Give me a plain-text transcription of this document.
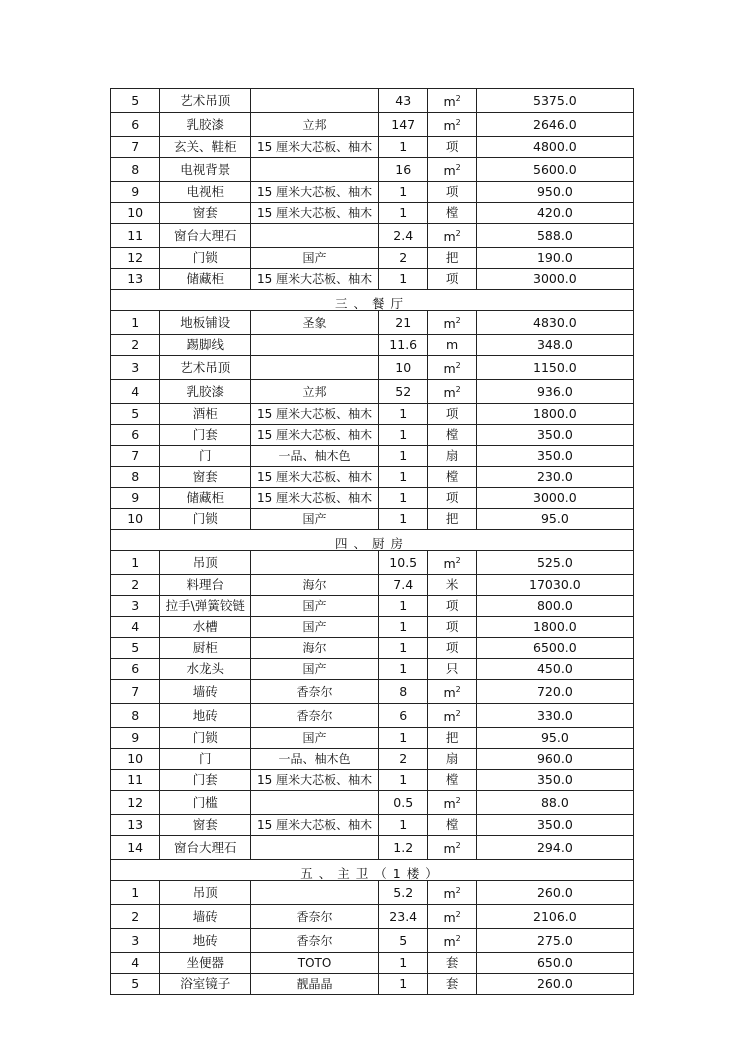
5	艺术吊顶		43	$m^2$	5375.0
6	乳胶漆	立邦	147	$m^2$	2646.0
7	玄关、鞋柜	15 厘米大芯板、柚木	1	项	4800.0
8	电视背景		16	$m^2$	5600.0
9	电视柜	15 厘米大芯板、柚木	1	项	950.0
10	窗套	15 厘米大芯板、柚木	1	樘	420.0
11	窗台大理石		2.4	$m^2$	588.0
12	门锁	国产	2	把	190.0
13	储藏柜	15 厘米大芯板、柚木	1	项	3000.0
三、餐厅					
1	地板铺设	圣象	21	$m^2$	4830.0
2	踢脚线		11.6	m	348.0
3	艺术吊顶		10	$m^2$	1150.0
4	乳胶漆	立邦	52	$m^2$	936.0
5	酒柜	15 厘米大芯板、柚木	1	项	1800.0
6	门套	15 厘米大芯板、柚木	1	樘	350.0
7	门	一品、柚木色	1	扇	350.0
8	窗套	15 厘米大芯板、柚木	1	樘	230.0
9	储藏柜	15 厘米大芯板、柚木	1	项	3000.0
10	门锁	国产	1	把	95.0
四、厨房					
1	吊顶		10.5	$m^2$	525.0
2	料理台	海尔	7.4	米	17030.0
3	拉手\弹簧铰链	国产	1	项	800.0
4	水槽	国产	1	项	1800.0
5	厨柜	海尔	1	项	6500.0
6	水龙头	国产	1	只	450.0
7	墙砖	香奈尔	8	$m^2$	720.0
8	地砖	香奈尔	6	$m^2$	330.0
9	门锁	国产	1	把	95.0
10	门	一品、柚木色	2	扇	960.0
11	门套	15 厘米大芯板、柚木	1	樘	350.0
12	门槛		0.5	$m^2$	88.0
13	窗套	15 厘米大芯板、柚木	1	樘	350.0
14	窗台大理石		1.2	$m^2$	294.0
五、主卫（1楼）					
1	吊顶		5.2	$m^2$	260.0
2	墙砖	香奈尔	23.4	$m^2$	2106.0
3	地砖	香奈尔	5	$m^2$	275.0
4	坐便器	TOTO	1	套	650.0
5	浴室镜子	靓晶晶	1	套	260.0
